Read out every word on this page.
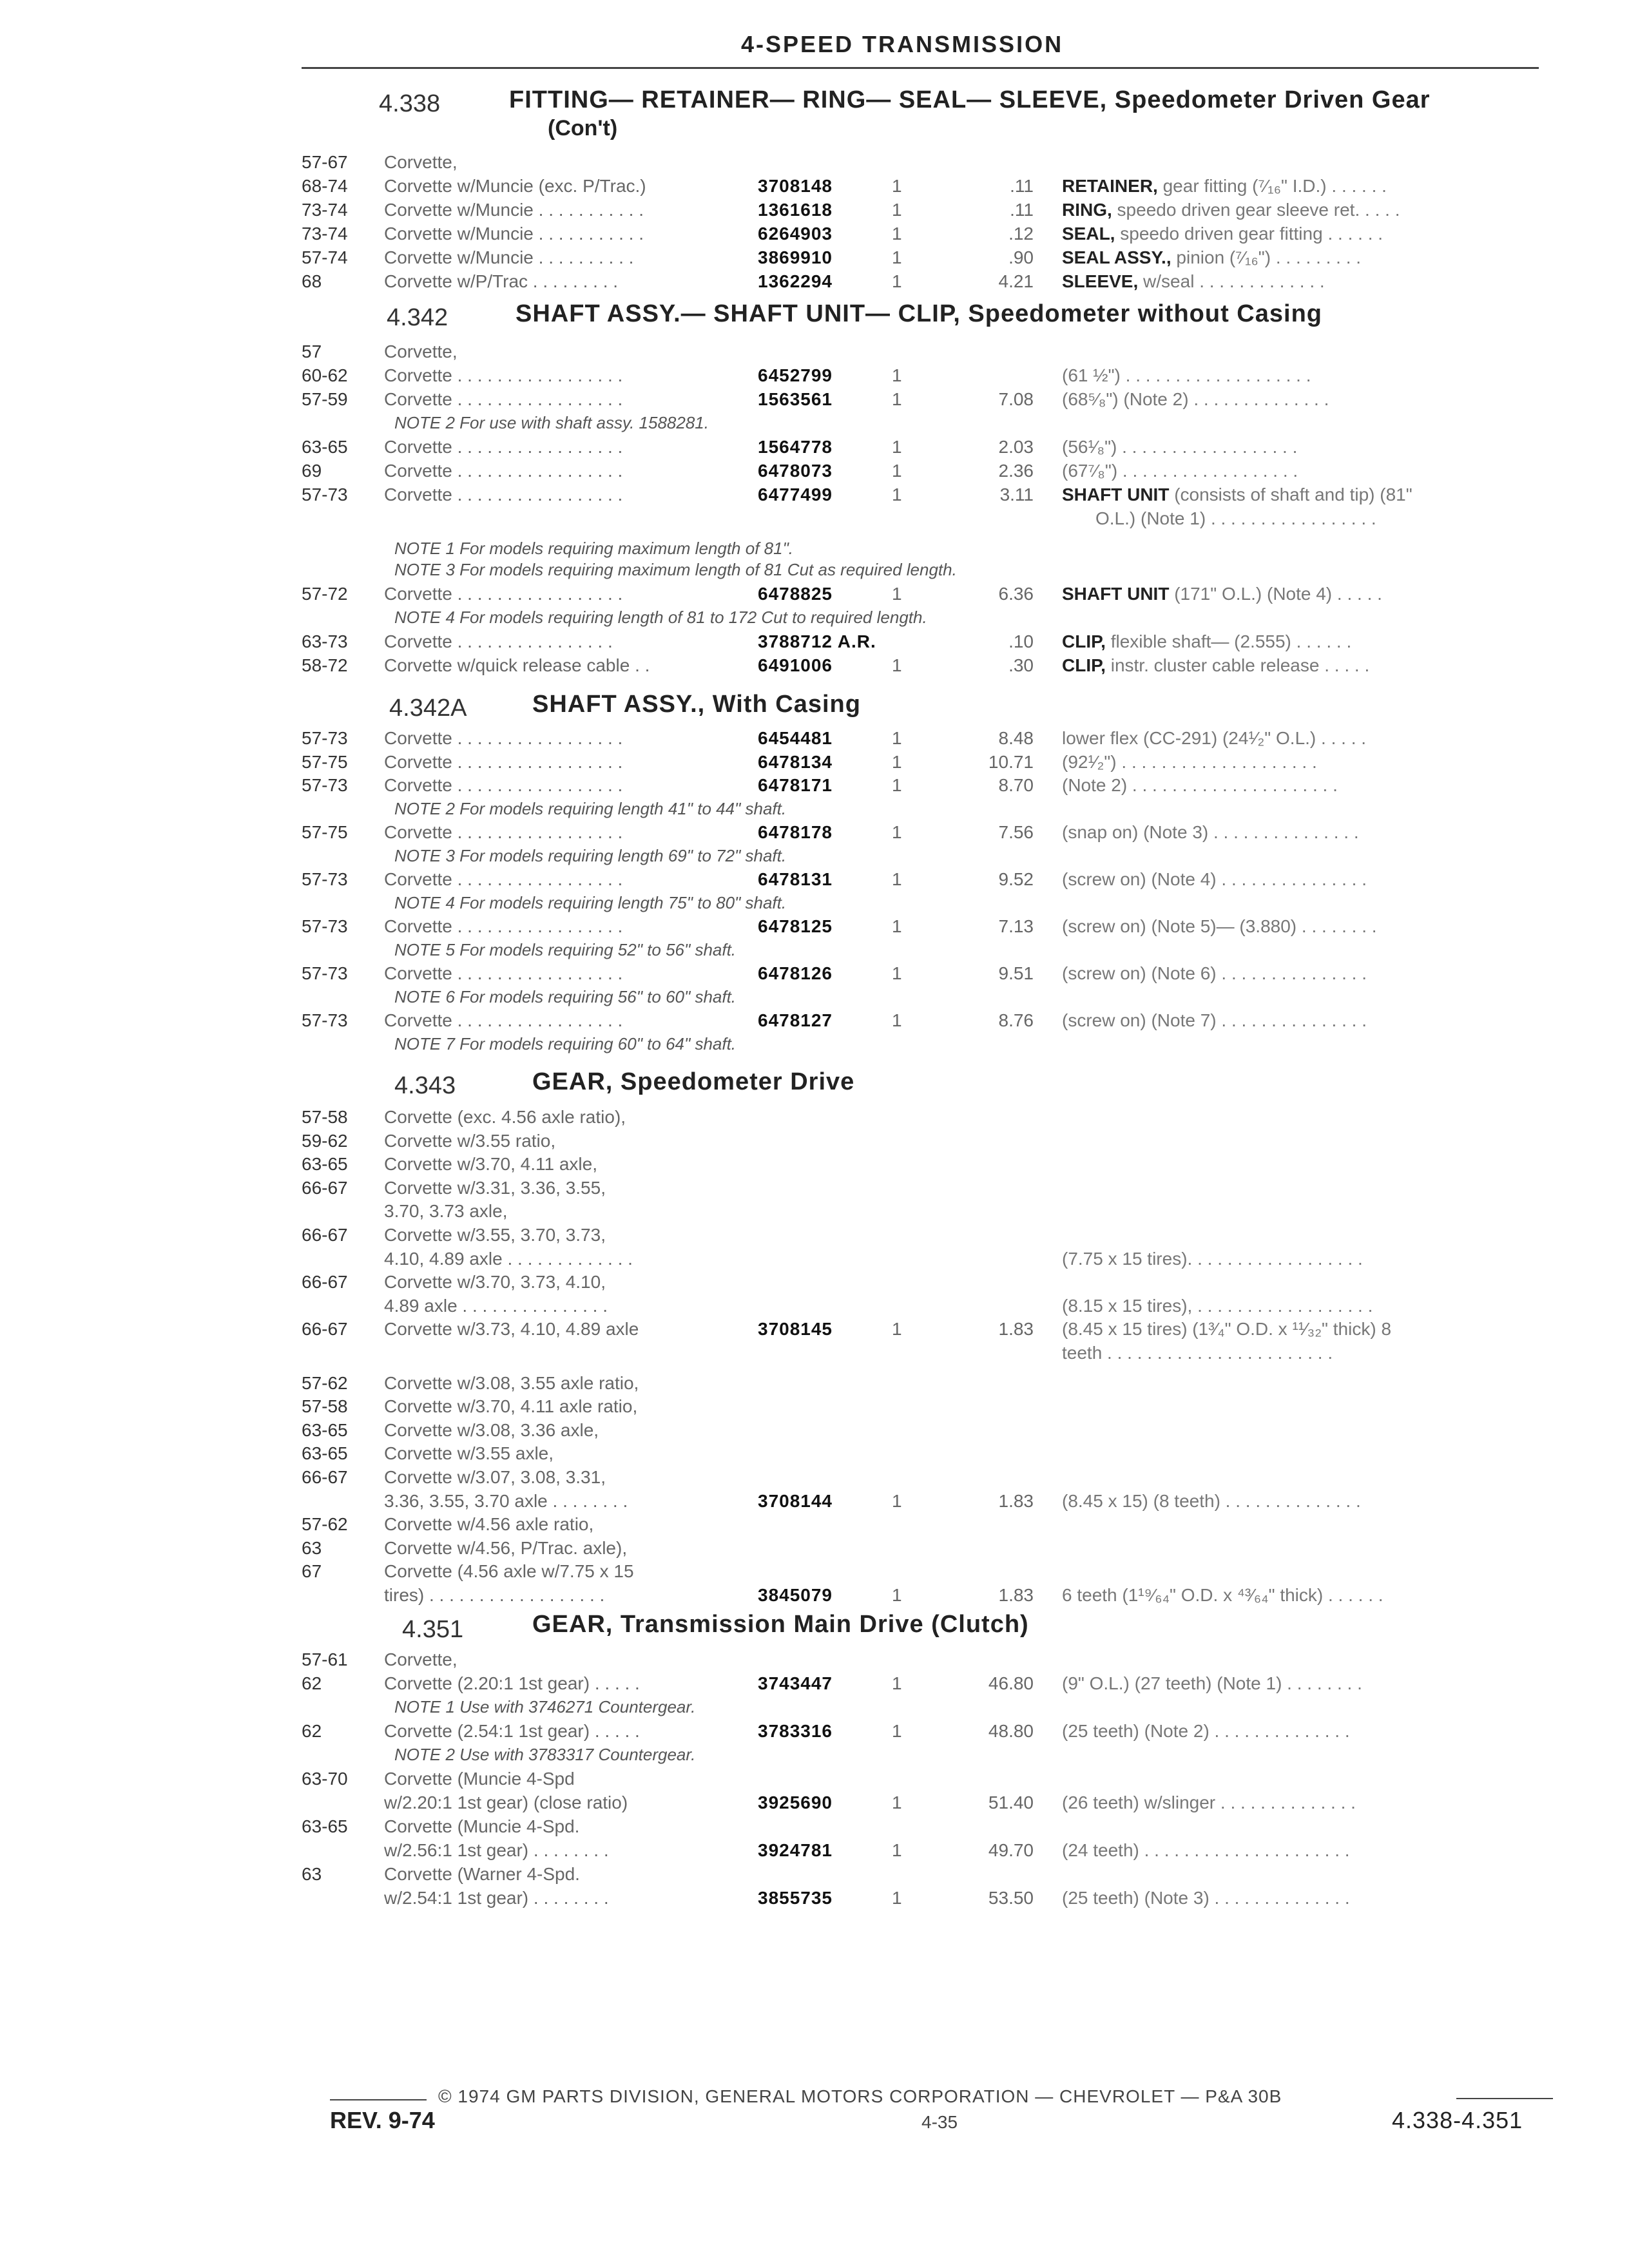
4-SPEED TRANSMISSION
4.338	FITTING— RETAINER— RING— SEAL— SLEEVE, Speedometer Driven Gear
(Con't)
57-67	Corvette,
68-74	Corvette w/Muncie (exc. P/Trac.)	3708148	1	.11 RETAINER, gear fitting (⁷⁄₁₆" I.D.) . . . . . .
73-74	Corvette w/Muncie . . . . . . . . . . .	1361618	1	.11 RING, speedo driven gear sleeve ret. . . . .
73-74	Corvette w/Muncie . . . . . . . . . . .	6264903	1	.12 SEAL, speedo driven gear fitting . . . . . .
57-74	Corvette w/Muncie . . . . . . . . . .	3869910	1	.90 SEAL ASSY., pinion (⁷⁄₁₆") . . . . . . . . .
68	Corvette w/P/Trac . . . . . . . . .	1362294	1	4.21 SLEEVE, w/seal . . . . . . . . . . . . .
4.342	SHAFT ASSY.— SHAFT UNIT— CLIP, Speedometer without Casing
57	Corvette,
60-62	Corvette . . . . . . . . . . . . . . . . .	6452799	1	(61 ½") . . . . . . . . . . . . . . . . . . .
57-59	Corvette . . . . . . . . . . . . . . . . .	1563561	1	7.08 (68⁵⁄₈") (Note 2) . . . . . . . . . . . . . .
NOTE 2 For use with shaft assy. 1588281.
63-65	Corvette . . . . . . . . . . . . . . . . .	1564778	1	2.03 (56¹⁄₈") . . . . . . . . . . . . . . . . . .
69	Corvette . . . . . . . . . . . . . . . . .	6478073	1	2.36 (67⁷⁄₈") . . . . . . . . . . . . . . . . . .
57-73	Corvette . . . . . . . . . . . . . . . . .	6477499	1	3.11 SHAFT UNIT (consists of shaft and tip) (81"
O.L.) (Note 1) . . . . . . . . . . . . . . . . .
NOTE 1 For models requiring maximum length of 81".
NOTE 3 For models requiring maximum length of 81 Cut as required length.
57-72	Corvette . . . . . . . . . . . . . . . . .	6478825	1	6.36 SHAFT UNIT (171" O.L.) (Note 4) . . . . .
NOTE 4 For models requiring length of 81 to 172 Cut to required length.
63-73	Corvette . . . . . . . . . . . . . . . .	3788712 A.R.	.10 CLIP, flexible shaft— (2.555) . . . . . .
58-72	Corvette w/quick release cable . .	6491006	1	.30 CLIP, instr. cluster cable release . . . . .
4.342A	SHAFT ASSY., With Casing
57-73	Corvette . . . . . . . . . . . . . . . . .	6454481	1	8.48 lower flex (CC-291) (24¹⁄₂" O.L.) . . . . .
57-75	Corvette . . . . . . . . . . . . . . . . .	6478134	1	10.71 (92¹⁄₂") . . . . . . . . . . . . . . . . . . . .
57-73	Corvette . . . . . . . . . . . . . . . . .	6478171	1	8.70 (Note 2) . . . . . . . . . . . . . . . . . . . . .
NOTE 2 For models requiring length 41" to 44" shaft.
57-75	Corvette . . . . . . . . . . . . . . . . .	6478178	1	7.56 (snap on) (Note 3) . . . . . . . . . . . . . . .
NOTE 3 For models requiring length 69" to 72" shaft.
57-73	Corvette . . . . . . . . . . . . . . . . .	6478131	1	9.52 (screw on) (Note 4) . . . . . . . . . . . . . . .
NOTE 4 For models requiring length 75" to 80" shaft.
57-73	Corvette . . . . . . . . . . . . . . . . .	6478125	1	7.13 (screw on) (Note 5)— (3.880) . . . . . . . .
NOTE 5 For models requiring 52" to 56" shaft.
57-73	Corvette . . . . . . . . . . . . . . . . .	6478126	1	9.51 (screw on) (Note 6) . . . . . . . . . . . . . . .
NOTE 6 For models requiring 56" to 60" shaft.
57-73	Corvette . . . . . . . . . . . . . . . . .	6478127	1	8.76 (screw on) (Note 7) . . . . . . . . . . . . . . .
NOTE 7 For models requiring 60" to 64" shaft.
4.343	GEAR, Speedometer Drive
57-58	Corvette (exc. 4.56 axle ratio),
59-62	Corvette w/3.55 ratio,
63-65	Corvette w/3.70, 4.11 axle,
66-67	Corvette w/3.31, 3.36, 3.55,
3.70, 3.73 axle,
66-67	Corvette w/3.55, 3.70, 3.73,
4.10, 4.89 axle . . . . . . . . . . . . .	(7.75 x 15 tires). . . . . . . . . . . . . . . . . .
66-67	Corvette w/3.70, 3.73, 4.10,
4.89 axle . . . . . . . . . . . . . . .	(8.15 x 15 tires), . . . . . . . . . . . . . . . . . .
66-67	Corvette w/3.73, 4.10, 4.89 axle	3708145	1	1.83 (8.45 x 15 tires) (1³⁄₄" O.D. x ¹¹⁄₃₂" thick) 8
teeth . . . . . . . . . . . . . . . . . . . . . . .
57-62	Corvette w/3.08, 3.55 axle ratio,
57-58	Corvette w/3.70, 4.11 axle ratio,
63-65	Corvette w/3.08, 3.36 axle,
63-65	Corvette w/3.55 axle,
66-67	Corvette w/3.07, 3.08, 3.31,
3.36, 3.55, 3.70 axle . . . . . . . .	3708144	1	1.83 (8.45 x 15) (8 teeth) . . . . . . . . . . . . . .
57-62	Corvette w/4.56 axle ratio,
63	Corvette w/4.56, P/Trac. axle),
67	Corvette (4.56 axle w/7.75 x 15
tires) . . . . . . . . . . . . . . . . . .	3845079	1	1.83 6 teeth (1¹⁹⁄₆₄" O.D. x ⁴³⁄₆₄" thick) . . . . . .
4.351	GEAR, Transmission Main Drive (Clutch)
57-61	Corvette,
62	Corvette (2.20:1 1st gear) . . . . .	3743447	1	46.80 (9" O.L.) (27 teeth) (Note 1) . . . . . . . .
NOTE 1 Use with 3746271 Countergear.
62	Corvette (2.54:1 1st gear) . . . . .	3783316	1	48.80 (25 teeth) (Note 2) . . . . . . . . . . . . . .
NOTE 2 Use with 3783317 Countergear.
63-70	Corvette (Muncie 4-Spd
w/2.20:1 1st gear) (close ratio)	3925690	1	51.40 (26 teeth) w/slinger . . . . . . . . . . . . . .
63-65	Corvette (Muncie 4-Spd.
w/2.56:1 1st gear) . . . . . . . .	3924781	1	49.70 (24 teeth) . . . . . . . . . . . . . . . . . . . . .
63	Corvette (Warner 4-Spd.
w/2.54:1 1st gear) . . . . . . . .	3855735	1	53.50 (25 teeth) (Note 3) . . . . . . . . . . . . . .
© 1974 GM PARTS DIVISION, GENERAL MOTORS CORPORATION — CHEVROLET — P&A 30B
REV. 9-74	4-35	4.338-4.351
